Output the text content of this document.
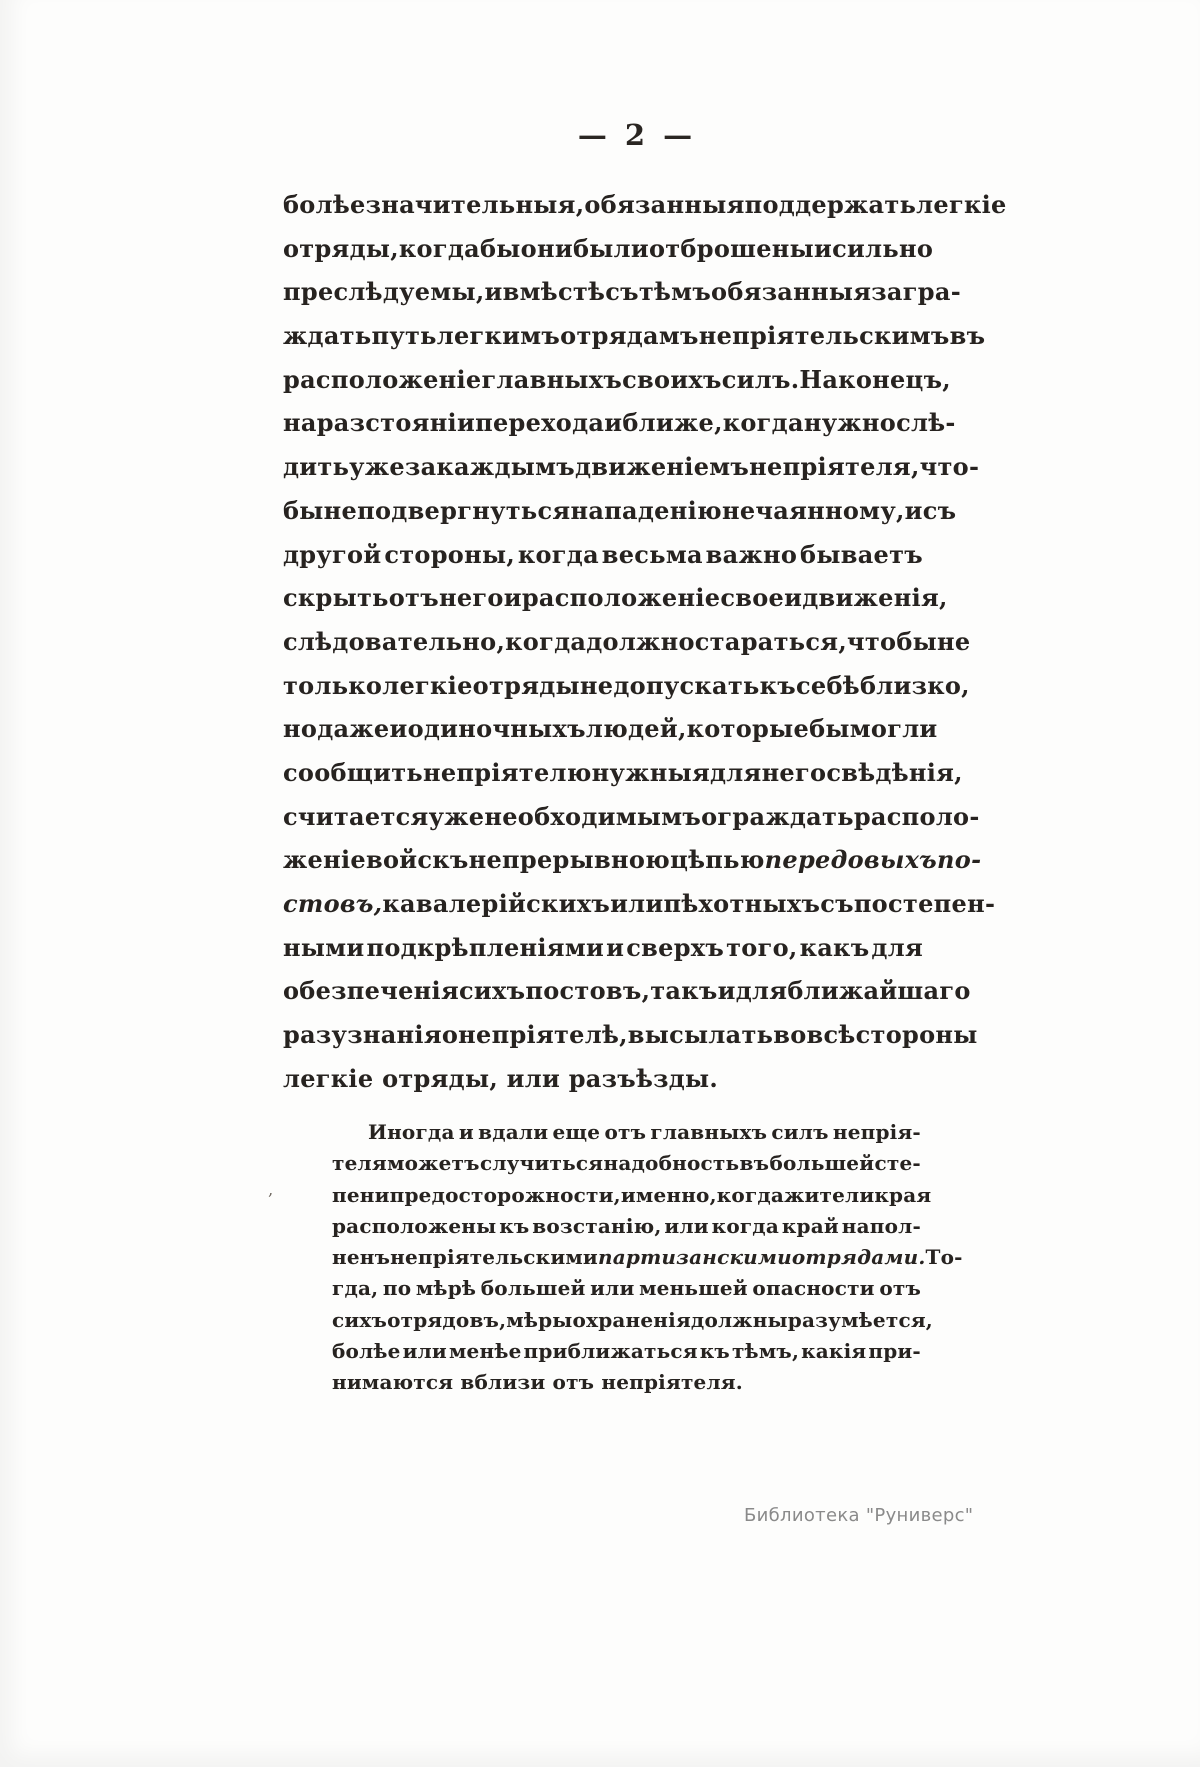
— 2 —
болѣе значительныя, обязанныя поддержать легкіе
отряды, когда бы они были отброшены и сильно
преслѣдуемы, и вмѣстѣ съ тѣмъ обязанныя загра-
ждать путь легкимъ отрядамъ непріятельскимъ въ
расположеніе главныхъ своихъ силъ. Наконецъ,
на разстояніи перехода и ближе, когда нужно слѣ-
дить уже за каждымъ движеніемъ непріятеля, что-
бы не подвергнуться нападенію нечаянному, и съ
другой стороны, когда весьма важно бываетъ
скрыть отъ него и расположеніе свое и движенія,
слѣдовательно, когда должно стараться, чтобы не
только легкіе отряды не допускать къ себѣ близко,
но даже и одиночныхъ людей, которые бы могли
сообщить непріятелю нужныя для него свѣдѣнія,
считается уже необходимымъ ограждать располо-
женіе войскъ непрерывною цѣпью передовыхъ по-
стовъ, кавалерійскихъ или пѣхотныхъ съ постепен-
ными подкрѣпленіями и сверхъ того, какъ для
обезпеченія сихъ постовъ, такъ и для ближайшаго
разузнанія о непріятелѣ, высылать во всѣ стороны
легкіе отряды, или разъѣзды.
‚
Иногда и вдали еще отъ главныхъ силъ непрія-
теля можетъ случиться надобность въ большей сте-
пени предосторожности, именно, когда жители края
расположены къ возстанію, или когда край напол-
ненъ непріятельскими партизанскими отрядами. То-
гда, по мѣрѣ большей или меньшей опасности отъ
сихъ отрядовъ, мѣры охраненія должны разумѣется,
болѣе или менѣе приближаться къ тѣмъ, какія при-
нимаются вблизи отъ непріятеля.
Библиотека "Руниверс"
